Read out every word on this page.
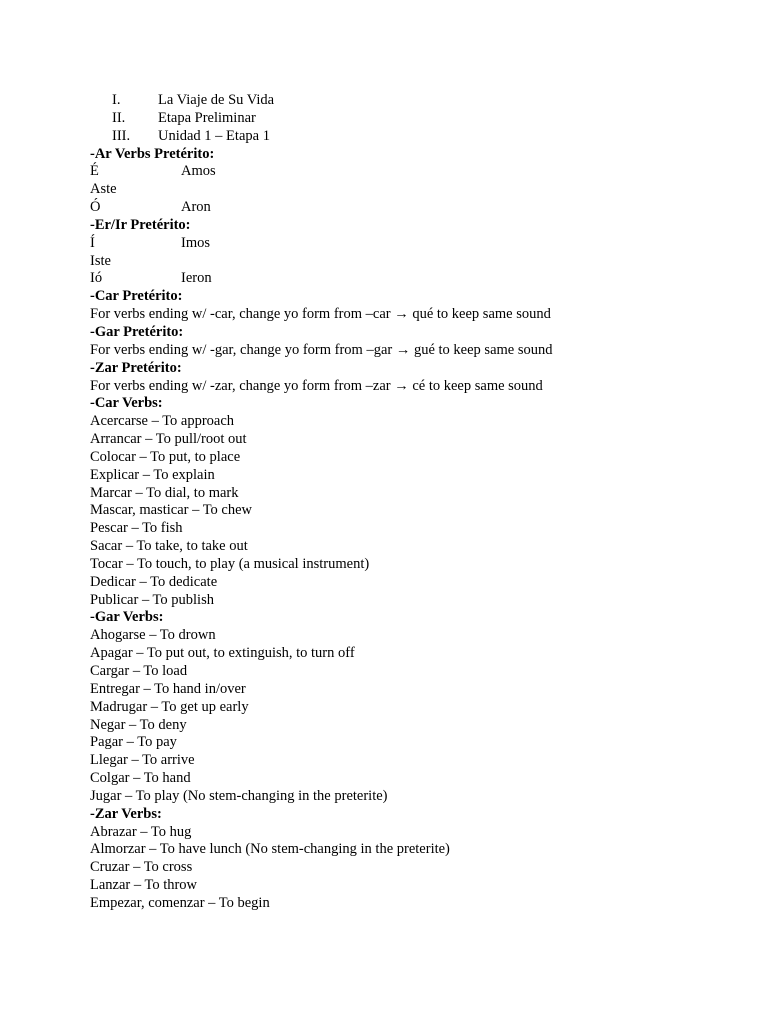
I.	La Viaje de Su Vida
II. Etapa Preliminar
III. Unidad 1 – Etapa 1
-Ar Verbs Pretérito:
É	Amos
Aste
Ó	Aron
-Er/Ir Pretérito:
Í	Imos
Iste
Ió	Ieron
-Car Pretérito:
For verbs ending w/ -car, change yo form from –car → qué to keep same sound
-Gar Pretérito:
For verbs ending w/ -gar, change yo form from –gar → gué to keep same sound
-Zar Pretérito:
For verbs ending w/ -zar, change yo form from –zar → cé to keep same sound
-Car Verbs:
Acercarse – To approach
Arrancar – To pull/root out
Colocar – To put, to place
Explicar – To explain
Marcar – To dial, to mark
Mascar, masticar – To chew
Pescar – To fish
Sacar – To take, to take out
Tocar – To touch, to play (a musical instrument)
Dedicar – To dedicate
Publicar – To publish
-Gar Verbs:
Ahogarse – To drown
Apagar – To put out, to extinguish, to turn off
Cargar – To load
Entregar – To hand in/over
Madrugar – To get up early
Negar – To deny
Pagar – To pay
Llegar – To arrive
Colgar – To hand
Jugar – To play (No stem-changing in the preterite)
-Zar Verbs:
Abrazar – To hug
Almorzar – To have lunch (No stem-changing in the preterite)
Cruzar – To cross
Lanzar – To throw
Empezar, comenzar – To begin
